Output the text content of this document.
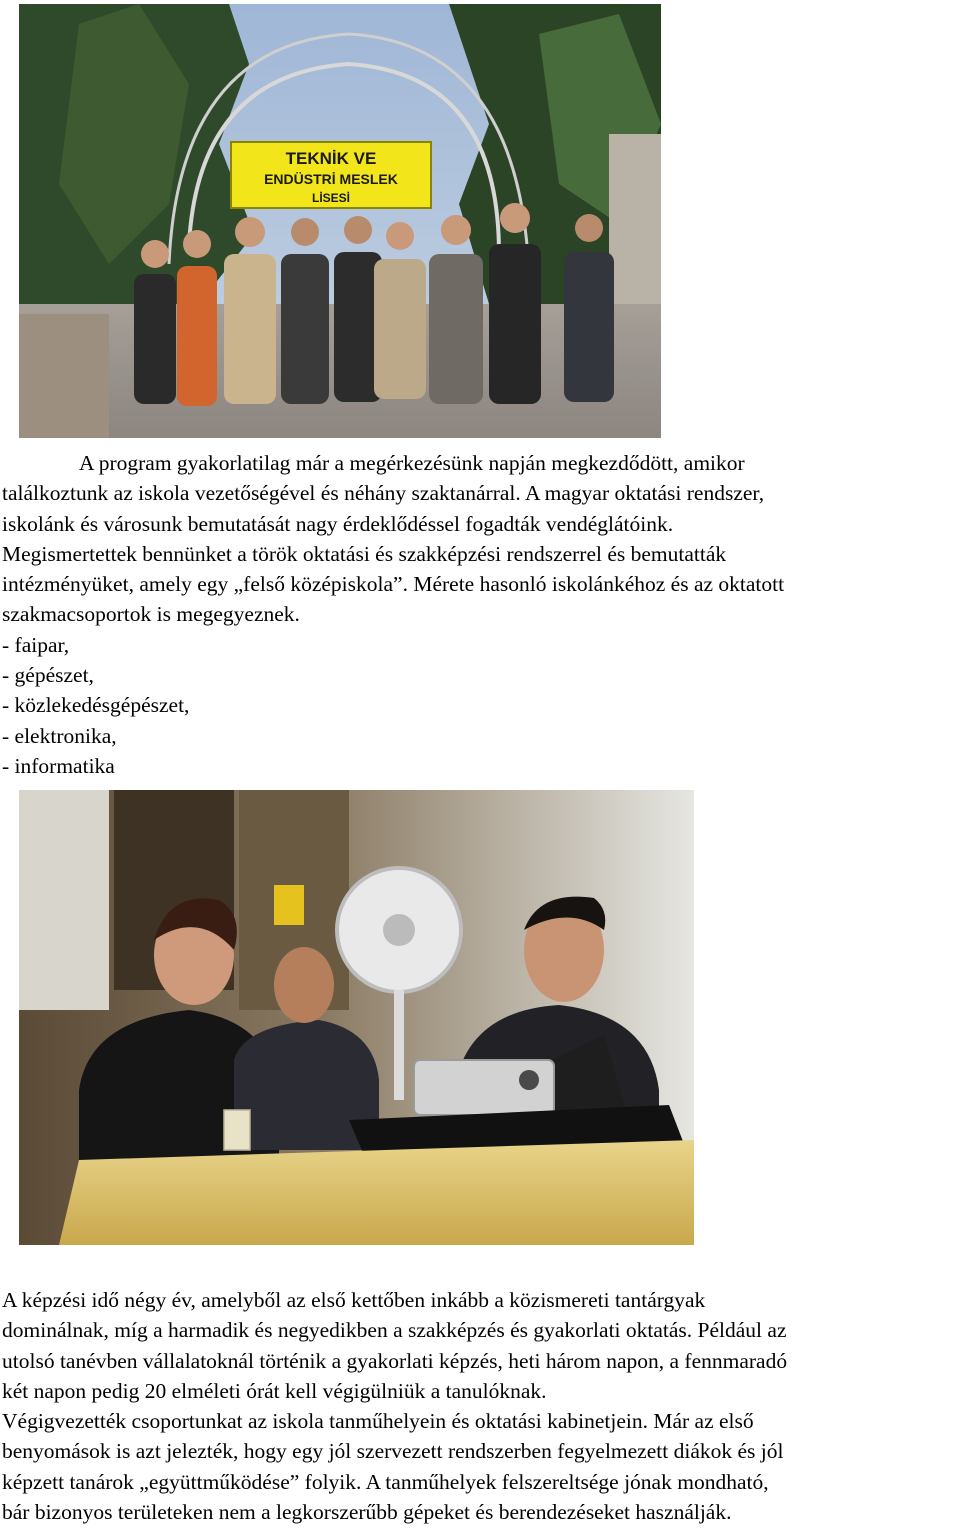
TEKNİK VE
ENDÜSTRİ MESLEK
LİSESİ
A program gyakorlatilag már a megérkezésünk napján megkezdődött, amikor
találkoztunk az iskola vezetőségével és néhány szaktanárral. A magyar oktatási rendszer,
iskolánk és városunk bemutatását nagy érdeklődéssel fogadták vendéglátóink.
Megismertettek bennünket a török oktatási és szakképzési rendszerrel és bemutatták
intézményüket, amely egy „felső középiskola”. Mérete hasonló iskolánkéhoz és az oktatott
szakmacsoportok is megegyeznek.
- faipar,
- gépészet,
- közlekedésgépészet,
- elektronika,
- informatika
A képzési idő négy év, amelyből az első kettőben inkább a közismereti tantárgyak
dominálnak, míg a harmadik és negyedikben a szakképzés és gyakorlati oktatás. Például az
utolsó tanévben vállalatoknál történik a gyakorlati képzés, heti három napon, a fennmaradó
két napon pedig 20 elméleti órát kell végigülniük a tanulóknak.
Végigvezették csoportunkat az iskola tanműhelyein és oktatási kabinetjein. Már az első
benyomások is azt jelezték, hogy egy jól szervezett rendszerben fegyelmezett diákok és jól
képzett tanárok „együttműködése” folyik. A tanműhelyek felszereltsége jónak mondható,
bár bizonyos területeken nem a legkorszerűbb gépeket és berendezéseket használják.
